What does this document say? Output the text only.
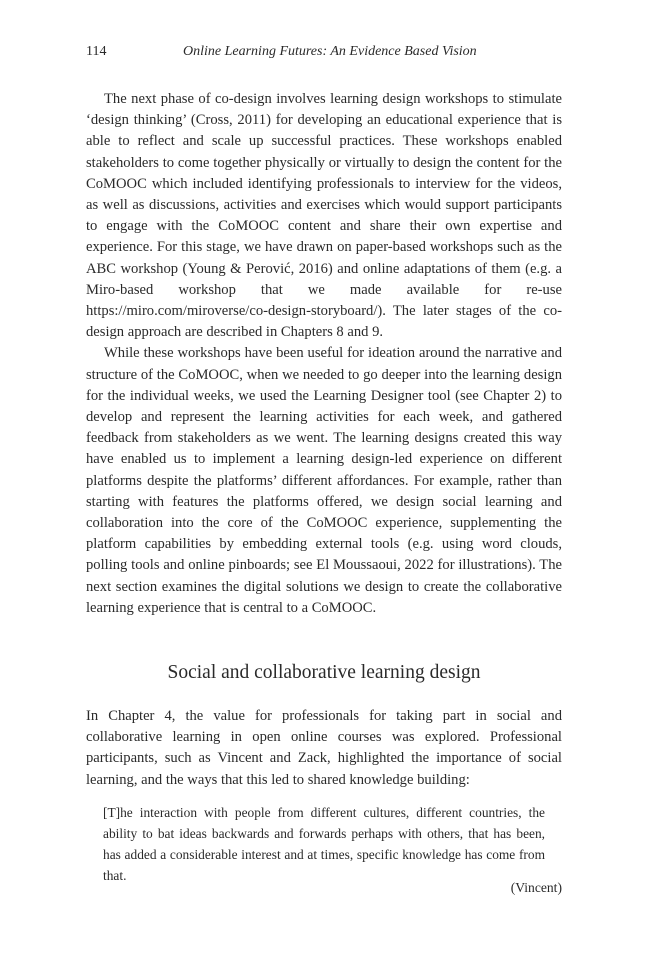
114	Online Learning Futures: An Evidence Based Vision

The next phase of co-design involves learning design workshops to stimulate ‘design thinking’ (Cross, 2011) for developing an educational experience that is able to reflect and scale up successful practices. These workshops enabled stakeholders to come together physically or virtually to design the content for the CoMOOC which included identifying professionals to interview for the videos, as well as discussions, activities and exercises which would support participants to engage with the CoMOOC content and share their own expertise and experience. For this stage, we have drawn on paper-based workshops such as the ABC workshop (Young & Perović, 2016) and online adaptations of them (e.g. a Miro-based workshop that we made available for re-use https://miro.com/miroverse/co-design-storyboard/). The later stages of the co-design approach are described in Chapters 8 and 9.

While these workshops have been useful for ideation around the narrative and structure of the CoMOOC, when we needed to go deeper into the learning design for the individual weeks, we used the Learning Designer tool (see Chapter 2) to develop and represent the learning activities for each week, and gathered feedback from stakeholders as we went. The learning designs created this way have enabled us to implement a learning design-led experience on different platforms despite the platforms’ different affordances. For example, rather than starting with features the platforms offered, we design social learning and collaboration into the core of the CoMOOC experience, supplementing the platform capabilities by embedding external tools (e.g. using word clouds, polling tools and online pinboards; see El Moussaoui, 2022 for illustrations). The next section examines the digital solutions we design to create the collaborative learning experience that is central to a CoMOOC.

Social and collaborative learning design

In Chapter 4, the value for professionals for taking part in social and collaborative learning in open online courses was explored. Professional participants, such as Vincent and Zack, highlighted the importance of social learning, and the ways that this led to shared knowledge building:

[T]he interaction with people from different cultures, different countries, the ability to bat ideas backwards and forwards perhaps with others, that has been, has added a considerable interest and at times, specific knowledge has come from that.
(Vincent)
